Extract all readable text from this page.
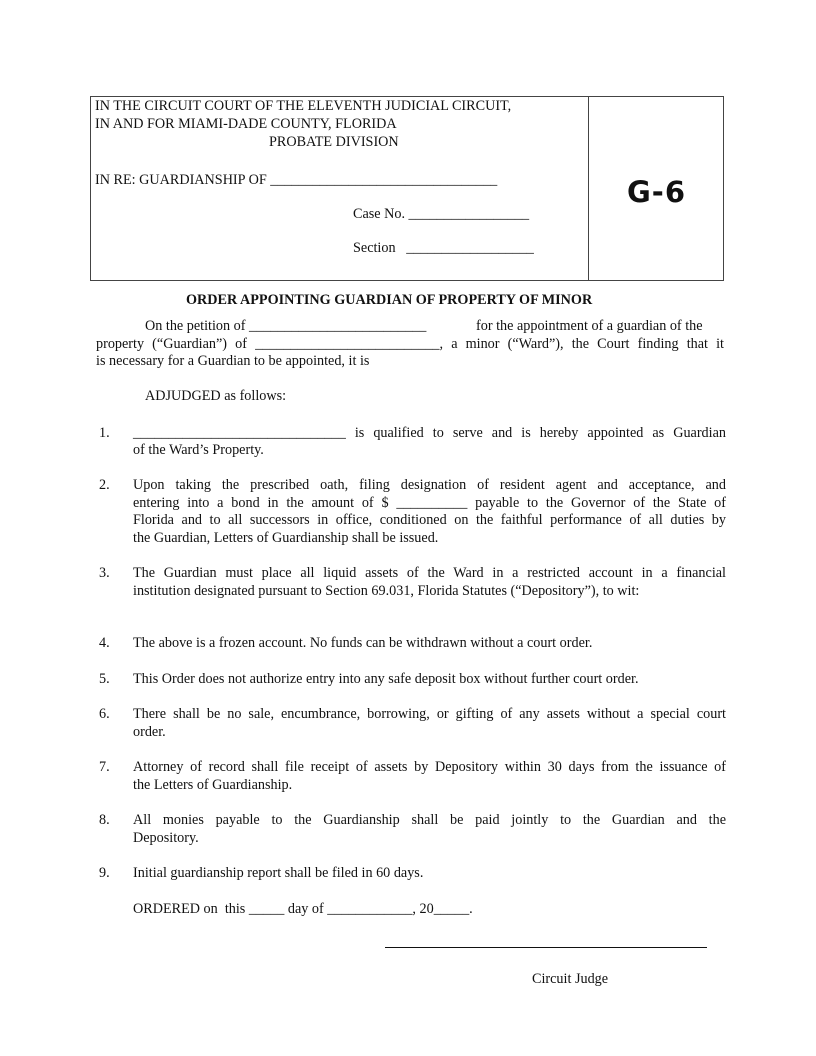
IN THE CIRCUIT COURT OF THE ELEVENTH JUDICIAL CIRCUIT,
IN AND FOR MIAMI-DADE COUNTY, FLORIDA
PROBATE DIVISION
IN RE: GUARDIANSHIP OF ________________________________
Case No. _________________
Section   __________________
G-6
ORDER APPOINTING GUARDIAN OF PROPERTY OF MINOR
On the petition of _________________________	for the appointment of a guardian of the
property (“Guardian”) of __________________________, a minor (“Ward”), the Court finding that it
is necessary for a Guardian to be appointed, it is
ADJUDGED as follows:
1. ______________________________ is qualified to serve and is hereby appointed as Guardian
of the Ward’s Property.
2. Upon taking the prescribed oath, filing designation of resident agent and acceptance, and
entering into a bond in the amount of $ __________ payable to the Governor of the State of
Florida and to all successors in office, conditioned on the faithful performance of all duties by
the Guardian, Letters of Guardianship shall be issued.
3. The Guardian must place all liquid assets of the Ward in a restricted account in a financial
institution designated pursuant to Section 69.031, Florida Statutes (“Depository”), to wit:
4. The above is a frozen account. No funds can be withdrawn without a court order.
5. This Order does not authorize entry into any safe deposit box without further court order.
6. There shall be no sale, encumbrance, borrowing, or gifting of any assets without a special court
order.
7. Attorney of record shall file receipt of assets by Depository within 30 days from the issuance of
the Letters of Guardianship.
8. All monies payable to the Guardianship shall be paid jointly to the Guardian and the
Depository.
9. Initial guardianship report shall be filed in 60 days.
ORDERED on  this _____ day of ____________, 20_____.
Circuit Judge
